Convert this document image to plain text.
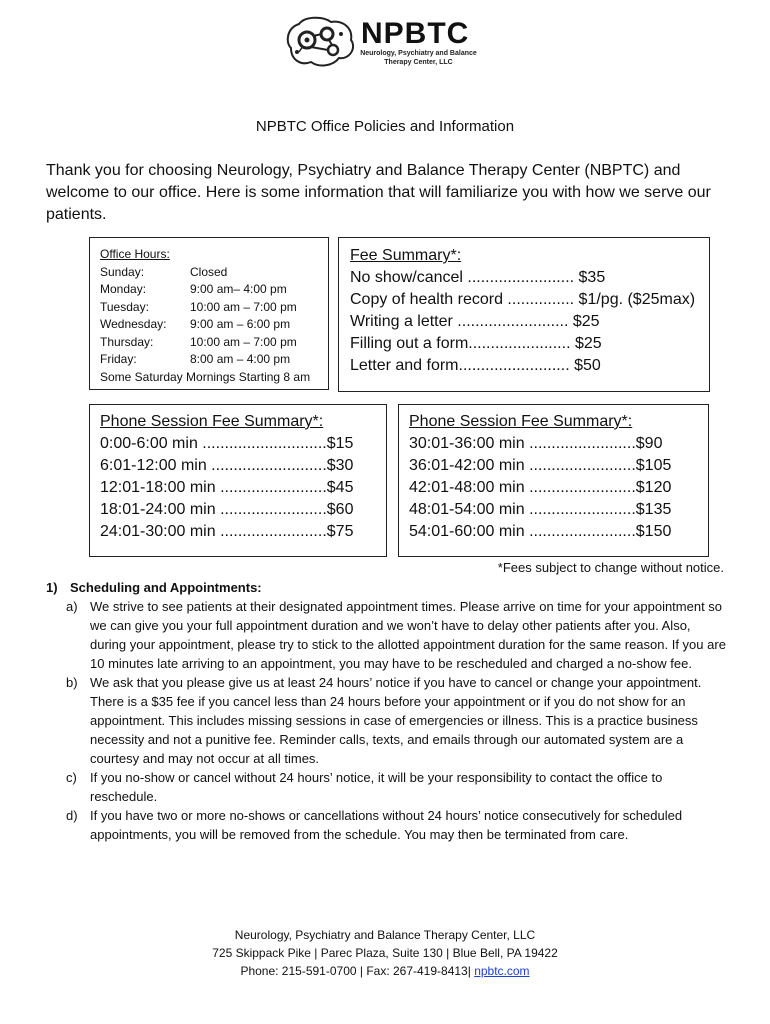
NPBTC
Neurology, Psychiatry and Balance
Therapy Center, LLC
NPBTC Office Policies and Information
Thank you for choosing Neurology, Psychiatry and Balance Therapy Center (NBPTC) and welcome to our office. Here is some information that will familiarize you with how we serve our patients.
Office Hours:
Sunday:	Closed
Monday:	9:00 am– 4:00 pm
Tuesday:	10:00 am – 7:00 pm
Wednesday:	9:00 am – 6:00 pm
Thursday:	10:00 am – 7:00 pm
Friday:	8:00 am – 4:00 pm
Some Saturday Mornings Starting 8 am
Fee Summary*:
No show/cancel ........................ $35
Copy of health record ............... $1/pg. ($25max)
Writing a letter ......................... $25
Filling out a form....................... $25
Letter and form......................... $50
Phone Session Fee Summary*:
0:00-6:00 min ............................$15
6:01-12:00 min ..........................$30
12:01-18:00 min ........................$45
18:01-24:00 min ........................$60
24:01-30:00 min ........................$75
Phone Session Fee Summary*:
30:01-36:00 min ........................$90
36:01-42:00 min ........................$105
42:01-48:00 min ........................$120
48:01-54:00 min ........................$135
54:01-60:00 min ........................$150
*Fees subject to change without notice.
1) Scheduling and Appointments:
a) We strive to see patients at their designated appointment times. Please arrive on time for your appointment so we can give you your full appointment duration and we won’t have to delay other patients after you. Also, during your appointment, please try to stick to the allotted appointment duration for the same reason. If you are 10 minutes late arriving to an appointment, you may have to be rescheduled and charged a no-show fee.
b) We ask that you please give us at least 24 hours’ notice if you have to cancel or change your appointment. There is a $35 fee if you cancel less than 24 hours before your appointment or if you do not show for an appointment. This includes missing sessions in case of emergencies or illness. This is a practice business necessity and not a punitive fee. Reminder calls, texts, and emails through our automated system are a courtesy and may not occur at all times.
c)	If you no-show or cancel without 24 hours’ notice, it will be your responsibility to contact the office to reschedule.
d) If you have two or more no-shows or cancellations without 24 hours’ notice consecutively for scheduled appointments, you will be removed from the schedule. You may then be terminated from care.
Neurology, Psychiatry and Balance Therapy Center, LLC
725 Skippack Pike | Parec Plaza, Suite 130 | Blue Bell, PA 19422
Phone: 215-591-0700 | Fax: 267-419-8413| npbtc.com
